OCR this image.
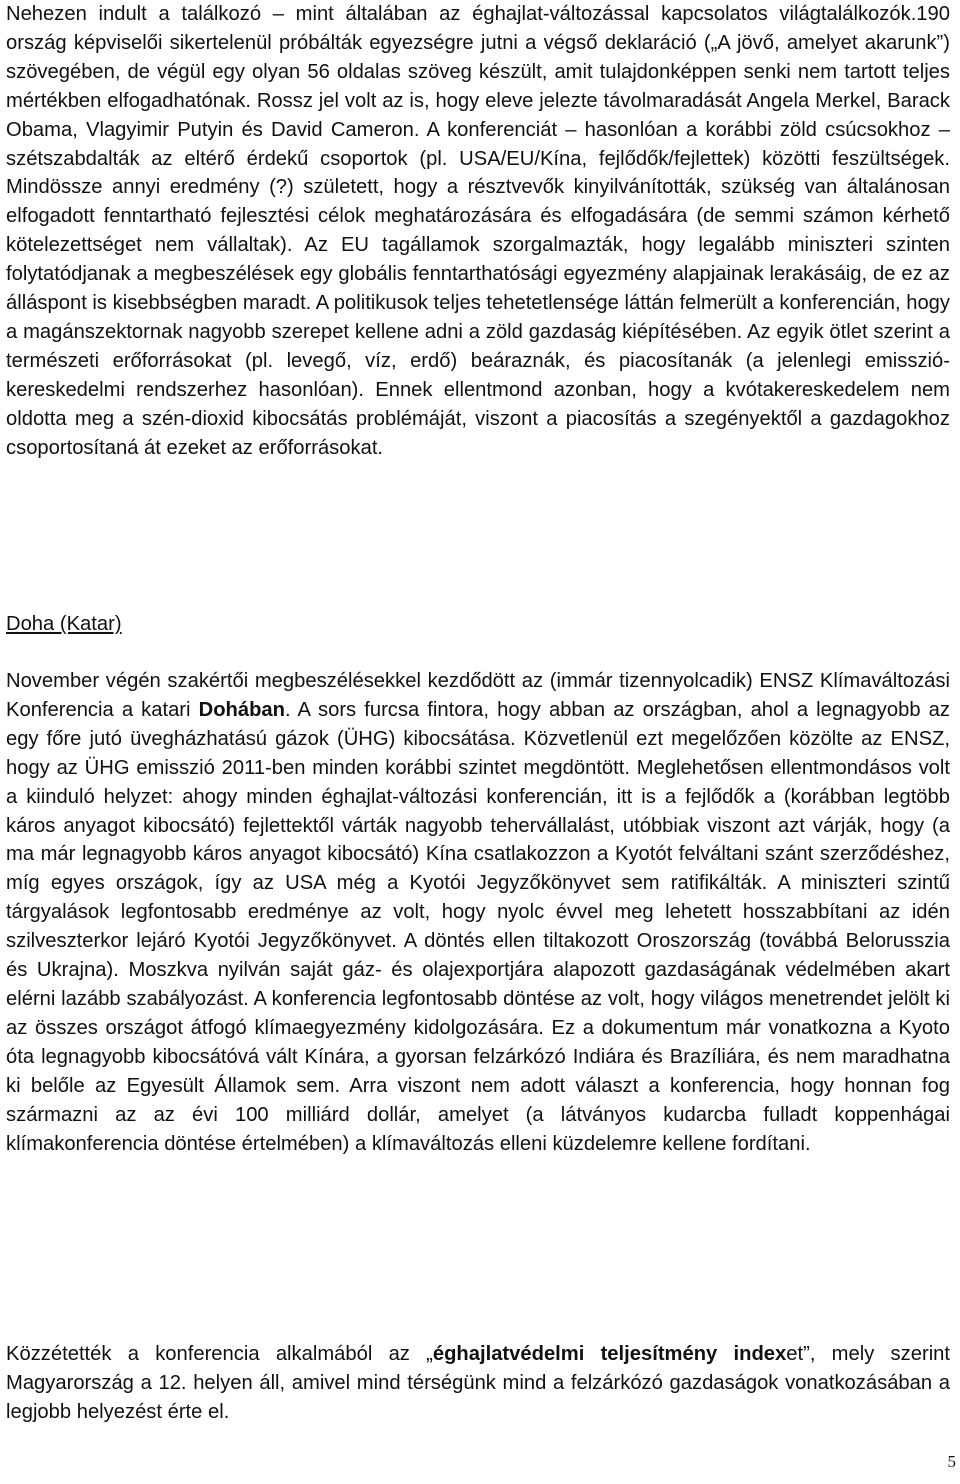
Nehezen indult a találkozó – mint általában az éghajlat-változással kapcsolatos világtalálkozók.190 ország képviselői sikertelenül próbálták egyezségre jutni a végső deklaráció („A jövő, amelyet akarunk”) szövegében, de végül egy olyan 56 oldalas szöveg készült, amit tulajdonképpen senki nem tartott teljes mértékben elfogadhatónak. Rossz jel volt az is, hogy eleve jelezte távolmaradását Angela Merkel, Barack Obama, Vlagyimir Putyin és David Cameron. A konferenciát – hasonlóan a korábbi zöld csúcsokhoz – szétszabdalták az eltérő érdekű csoportok (pl. USA/EU/Kína, fejlődők/fejlettek) közötti feszültségek. Mindössze annyi eredmény (?) született, hogy a résztvevők kinyilvánították, szükség van általánosan elfogadott fenntartható fejlesztési célok meghatározására és elfogadására (de semmi számon kérhető kötelezettséget nem vállaltak). Az EU tagállamok szorgalmazták, hogy legalább miniszteri szinten folytatódjanak a megbeszélések egy globális fenntarthatósági egyezmény alapjainak lerakásáig, de ez az álláspont is kisebbségben maradt. A politikusok teljes tehetetlensége láttán felmerült a konferencián, hogy a magánszektornak nagyobb szerepet kellene adni a zöld gazdaság kiépítésében. Az egyik ötlet szerint a természeti erőforrásokat (pl. levegő, víz, erdő) beáraznák, és piacosítanák (a jelenlegi emisszió-kereskedelmi rendszerhez hasonlóan). Ennek ellentmond azonban, hogy a kvótakereskedelem nem oldotta meg a szén-dioxid kibocsátás problémáját, viszont a piacosítás a szegényektől a gazdagokhoz csoportosítaná át ezeket az erőforrásokat.

Doha (Katar)

November végén szakértői megbeszélésekkel kezdődött az (immár tizennyolcadik) ENSZ Klímaváltozási Konferencia a katari Dohában. A sors furcsa fintora, hogy abban az országban, ahol a legnagyobb az egy főre jutó üvegházhatású gázok (ÜHG) kibocsátása. Közvetlenül ezt megelőzően közölte az ENSZ, hogy az ÜHG emisszió 2011-ben minden korábbi szintet megdöntött. Meglehetősen ellentmondásos volt a kiinduló helyzet: ahogy minden éghajlat-változási konferencián, itt is a fejlődők a (korábban legtöbb káros anyagot kibocsátó) fejlettektől várták nagyobb tehervállalást, utóbbiak viszont azt várják, hogy (a ma már legnagyobb káros anyagot kibocsátó) Kína csatlakozzon a Kyotót felváltani szánt szerződéshez, míg egyes országok, így az USA még a Kyotói Jegyzőkönyvet sem ratifikálták. A miniszteri szintű tárgyalások legfontosabb eredménye az volt, hogy nyolc évvel meg lehetett hosszabbítani az idén szilveszterkor lejáró Kyotói Jegyzőkönyvet. A döntés ellen tiltakozott Oroszország (továbbá Belorusszia és Ukrajna). Moszkva nyilván saját gáz- és olajexportjára alapozott gazdaságának védelmében akart elérni lazább szabályozást. A konferencia legfontosabb döntése az volt, hogy világos menetrendet jelölt ki az összes országot átfogó klímaegyezmény kidolgozására. Ez a dokumentum már vonatkozna a Kyoto óta legnagyobb kibocsátóvá vált Kínára, a gyorsan felzárkózó Indiára és Brazíliára, és nem maradhatna ki belőle az Egyesült Államok sem. Arra viszont nem adott választ a konferencia, hogy honnan fog származni az az évi 100 milliárd dollár, amelyet (a látványos kudarcba fulladt koppenhágai klímakonferencia döntése értelmében) a klímaváltozás elleni küzdelemre kellene fordítani.

Közzétették a konferencia alkalmából az „éghajlatvédelmi teljesítmény indexet”, mely szerint Magyarország a 12. helyen áll, amivel mind térségünk mind a felzárkózó gazdaságok vonatkozásában a legjobb helyezést érte el.

5
